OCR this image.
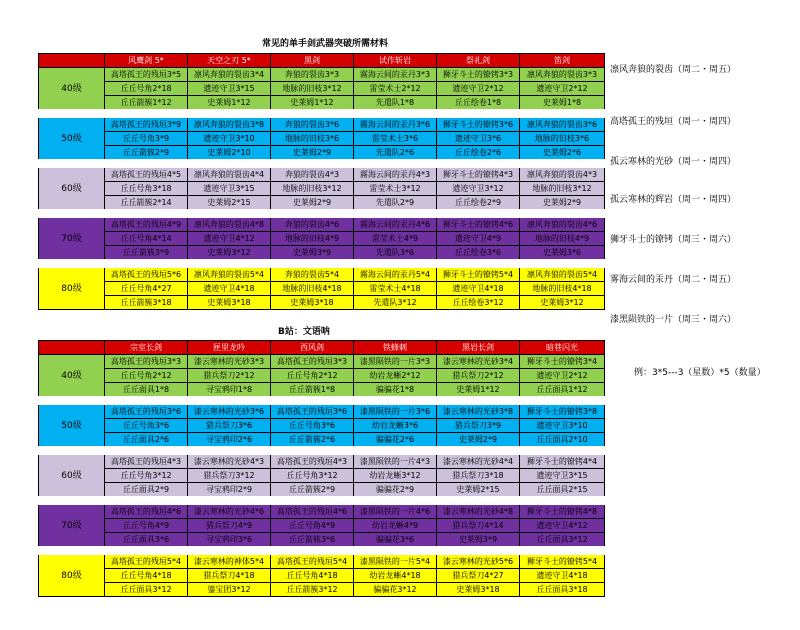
常见的单手剑武器突破所需材料
B站：文语呐
	风鹰剑 5*	天空之刃 5*	黑剑	试作斩岩	祭礼剑	笛剑
40级	高塔孤王的残垣3*5	凛风奔狼的裂齿3*4	奔狼的裂齿3*3	霧海云间的汞丹3*3	狮牙斗士的镣铐3*3	凛风奔狼的裂齿3*3
	丘丘号角2*18	遗迹守卫3*15	地脉的旧枝3*12	雷莹术士2*12	遗迹守卫2*12	遗迹守卫2*12
	丘丘箭簇1*12	史莱姆1*12	史莱姆1*12	先遣队1*8	丘丘绘卷1*8	史莱姆1*8
50级	高塔孤王的残垣3*9	凛风奔狼的裂齿3*8	奔狼的裂齿3*6	霧海云间的汞丹3*6	狮牙斗士的镣铐3*6	凛风奔狼的裂齿3*6
	丘丘号角3*9	遗迹守卫3*10	地脉的旧枝3*6	雷莹术士3*6	遗迹守卫3*6	地脉的旧枝3*6
	丘丘箭簇2*9	史莱姆2*10	史莱姆2*9	先遣队2*6	丘丘绘卷2*6	史莱姆2*6
60级	高塔孤王的残垣4*5	凛风奔狼的裂齿4*4	奔狼的裂齿4*3	霧海云间的汞丹4*3	狮牙斗士的镣铐4*3	凛风奔狼的裂齿4*3
	丘丘号角3*18	遗迹守卫3*15	地脉的旧枝3*12	雷莹术士3*12	遗迹守卫3*12	地脉的旧枝3*12
	丘丘箭簇2*14	史莱姆2*15	史莱姆2*9	先遣队2*9	丘丘绘卷2*9	史莱姆2*9
70级	高塔孤王的残垣4*9	凛风奔狼的裂齿4*8	奔狼的裂齿4*6	霧海云间的汞丹4*6	狮牙斗士的镣铐4*6	凛风奔狼的裂齿4*6
	丘丘号角4*14	遗迹守卫4*12	地脉的旧枝4*9	雷莹术士4*9	遗迹守卫4*9	地脉的旧枝4*9
	丘丘箭簇3*9	史莱姆3*12	史莱姆3*9	先遣队3*6	丘丘绘卷3*6	史莱姆3*6
80级	高塔孤王的残垣5*6	凛风奔狼的裂齿5*4	奔狼的裂齿5*4	霧海云间的汞丹5*4	狮牙斗士的镣铐5*4	凛风奔狼的裂齿5*4
	丘丘号角4*27	遗迹守卫4*18	地脉的旧枝4*18	雷莹术士4*18	遗迹守卫4*18	地脉的旧枝4*18
	丘丘箭簇3*18	史莱姆3*18	史莱姆3*18	先遣队3*12	丘丘绘卷3*12	史莱姆3*12
	宗室长剑	匣里龙吟	西风剑	铁蜂刺	黑岩长剑	暗巷闪光
40级	高塔孤王的残垣3*3	漆云寒林的光砂3*3	高塔孤王的残垣3*3	漆黑陨铁的一片3*3	漆云寒林的光砂3*4	狮牙斗士的镣铐3*4
	丘丘号角2*12	猎兵祭刀2*12	丘丘号角2*12	幼岩龙蜥2*12	猎兵祭刀2*12	遗迹守卫2*12
	丘丘面具1*8	寻宝鸦印1*8	丘丘箭簇1*8	骗骗花1*8	史莱姆1*12	丘丘面具1*12
50级	高塔孤王的残垣3*6	漆云寒林的光砂3*6	高塔孤王的残垣3*6	漆黑陨铁的一片3*6	漆云寒林的光砂3*8	狮牙斗士的镣铐3*8
	丘丘号角3*6	猎兵祭刀3*6	丘丘号角3*6	幼岩龙蜥3*6	猎兵祭刀3*9	遗迹守卫3*10
	丘丘面具2*6	寻宝鸦印2*6	丘丘箭簇2*6	骗骗花2*6	史莱姆2*9	丘丘面具2*10
60级	高塔孤王的残垣4*3	漆云寒林的光砂4*3	高塔孤王的残垣4*3	漆黑陨铁的一片4*3	漆云寒林的光砂4*4	狮牙斗士的镣铐4*4
	丘丘号角3*12	猎兵祭刀3*12	丘丘号角3*12	幼岩龙蜥3*12	猎兵祭刀3*18	遗迹守卫3*15
	丘丘面具2*9	寻宝鸦印2*9	丘丘箭簇2*9	骗骗花2*9	史莱姆2*15	丘丘面具2*15
70级	高塔孤王的残垣4*6	漆云寒林的光砂4*6	高塔孤王的残垣4*6	漆黑陨铁的一片4*6	漆云寒林的光砂4*8	狮牙斗士的镣铐4*8
	丘丘号角4*9	猎兵祭刀4*9	丘丘号角4*9	幼岩龙蜥4*9	猎兵祭刀4*14	遗迹守卫4*12
	丘丘面具3*6	寻宝鸦印3*6	丘丘箭簇3*6	骗骗花3*6	史莱姆3*9	丘丘面具3*12
80级	高塔孤王的残垣5*4	漆云寒林的神体5*4	高塔孤王的残垣5*4	漆黑陨铁的一片5*4	漆云寒林的光砂5*6	狮牙斗士的镣铐5*4
	丘丘号角4*18	猎兵祭刀4*18	丘丘号角4*18	幼岩龙蜥4*18	猎兵祭刀4*27	遗迹守卫4*18
	丘丘面具3*12	鎏宝团3*12	丘丘箭簇3*12	骗骗花3*12	史莱姆3*18	丘丘面具3*18
凛风奔狼的裂齿（周二・周五）
高塔孤王的残垣（周一・周四）
孤云寒林的光砂（周一・周四）
孤云寒林的辉岩（周一・周四）
狮牙斗士的镣铐（周三・周六）
雾海云间的汞丹（周二・周五）
漆黑陨铁的一片（周三・周六）
例：3*5---3（星数）*5（数量）
